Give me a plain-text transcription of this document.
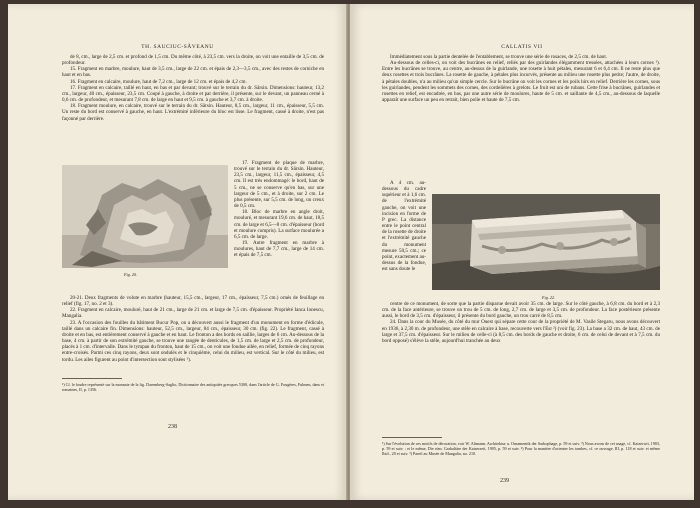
TH. SAUCIUC-SĂVEANU

de 8, cm., large de 2,5 cm. et profond de 1,5 cm. Du même côté, à 23,5 cm. vers la droite, on voit une entaille de 3,5 cm. de profondeur.

15. Fragment en marbre, moulure, haut de 3,5 cm., large de 22 cm. et épais de 2,3—3,5 cm., avec des restes de corniche en haut et en bas.

16. Fragment en calcaire, moulure, haut de 7,2 cm., large de 12 cm. et épais de 4,2 cm.

17. Fragment en calcaire, taillé en haut, en bas et par devant; trouvé sur le terrain du dr. Sârsin. Dimensions: hauteur, 13,2 cm., largeur, 40 cm., épaisseur, 23,5 cm. Coupé à gauche, à droite et par derrière, il présente, sur le devant, un panneau cerné à 0,6 cm. de profondeur, et mesurant 7,8 cm. de large en haut et 9,5 cm. à gauche et 3,7 cm. à droite.

18. Fragment moulure, en calcaire, trouvé sur le terrain du dr. Sârsin. Hauteur, 8,5 cm., largeur, 11 cm., épaisseur, 5,5 cm. Un reste du bord est conservé à gauche, en haut. L'extrémité inférieure du bloc est lisse. Le fragment, cassé à droite, n'est pas façonné par derrière.

Fig. 20.

17. Fragment de plaque de marbre, trouvé sur le terrain du dr. Sârsin. Hauteur, 23,5 cm., largeur, 11,5 cm., épaisseur, 4,5 cm. Il est très endommagé: le bord, haut de 5 cm., ne se conserve qu'en bas, sur une largeur de 5 cm., et à droite, sur 2 cm. Le plus présente, sur 5,5 cm. de long, un creux de 0,5 cm.

18. Bloc de marbre en angle droit, mouluré, et mesurant 19,6 cm. de haut, 18,5 cm. de large et 6,5—8 cm. d'épaisseur (bord et moulure compris). La surface moulurée a 6,5 cm. de large.

19. Autre fragment en marbre à moulures, haut de 7,7 cm., large de 14 cm. et épais de 7,5 cm.

20-21. Deux fragments de volute en marbre (hauteur, 15,5 cm., largeur, 17 cm., épaisseur, 7,5 cm.) ornés de feuillage en relief (fig. 17, no. 2 et 3).

22. Fragment en calcaire, mouluré, haut de 21 cm., large de 21 cm. et large de 7,5 cm. d'épaisseur. Propriété Ianca Ionescu, Mangalia.

23. A l'occasion des fouilles du bâtiment Bucur Pop, on a découvert aussi le fragment d'un monument en forme d'édicule, taillé dans un calcaire fin. Dimensions: hauteur, 52,5 cm., largeur, 84 cm., épaisseur, 30 cm. (fig. 22). Le fragment, cassé à droite et en bas, est entièrement conservé à gauche et en haut. Le fronton a des bords en saillie, larges de 6 cm. Au-dessous de la base, 4 cm. à partir de son extrémité gauche, se trouve une rangée de denticules, de 1,5 cm. de large et 2,5 cm. de profondeur, placés à 1 cm. d'intervalle. Dans le tympan du fronton, haut de 15 cm., on voit une fondue ailée, en relief, formée de cinq rayons entre-croisés. Parmi ces cinq rayons, deux sont ondulés et le cinquième, celui du milieu, est vertical. Sur le côté du milieu, est tordu. Les ailes figurent au point d'intersection sont stylisées ¹).

¹) Cf. le foudre représenté sur la monnaie de la fig. Daremberg-Saglio, Dictionnaire des antiquités grecques 5300, dans l'article de G. Fougères, Fulmen, dans et romaines, II, p. 1356.
238
CALLATIS VII

Immédiatement sous la partie dentelée de l'entablement, se trouve une série de rosaces, de 2,5 cm. de haut.

Au-dessous de celles-ci, on voit des bucrânes en relief, reliés par des guirlandes élégamment tressées, attachées à leurs cornes ¹). Entre les bucrânes se trouve, au centre, au-dessus de la guirlande, une rosette à huit pétales, mesurant 6 et 6,4 cm. Il ne reste plus que deux rosettes et trois bucrânes. La rosette de gauche, à pétales plus incurvés, présente au milieu une rosette plus petite; l'autre, de droite, à pétales doubles, n'a au milieu qu'un simple cercle. Sur le bucrâne on voit les cornes et les poils hirs en relief. Derrière les cornes, sous les guirlandes, pendent les sommets des cornes, des cordelières à grelots. Le fruit est uni de rubans. Cette frise à bucrânes, guirlandes et rosettes en relief, est encadrée, en bas, par une autre série de moulures, haute de 5 cm. et saillante de 4,5 cm., au-dessous de laquelle apparaît une surface un peu en retrait, bien polie et haute de 7,5 cm.

A 4 cm. au-dessous du cadre supérieur et à 1,6 cm. de l'extrémité gauche, on voit une incision en forme de P grec. La distance entre le point central de la rosette de droite et l'extrémité gauche du monument mesure 50,5 cm.; ce point, exactement au-dessus de la fondue, est sans doute le

Fig. 22.

centre de ce monument, de sorte que la partie disparue devait avoir 35 cm. de large. Sur le côté gauche, à 6,8 cm. du bord et à 2,3 cm. de la face antérieure, se trouve un trou de 5 cm. de long, 2,7 cm. de large et 3,5 cm. de profondeur. La face postérieure présente aussi, le bord de 3,5 cm. d'épaisseur, il présente du bord gauche, un trou carré de 8,5 cm.

24. Dans la cour du Musée, du côté du mur Ouest qui sépare cette cour de la propriété de M. Vasile Stegaru, nous avons découvert en 1936, à 2,30 m. de profondeur, une stèle en calcaire à base, recouverte vers l'Est ²) (voir fig. 23). La base a 32 cm. de haut, 43 cm. de large et 37,5 cm. d'épaisseur. Sur le milieu de celle-ci (à 8,5 cm. des bords de gauche et droite, 6 cm. de celui de devant et à 7,5 cm. du bord opposé) s'élève la stèle, aujourd'hui tranchée au deux

¹) Sur l'évolution de ces motifs de décoration, voir W. Altmann, Architektur u. Ornamentik der Sarkophage, p. 59 et suiv. ²) Nous avons de cet usage, cf. Kaizerwit, 1903, p. 59 et suiv. ; et le même, Die röm. Grabaltäre der Kaiserzeit, 1905, p. 59 et suiv. ²) Pour la manière d'orienter les tombes, cf. ce ouvrage, III, p. 118 et suiv. et même Ibid., 20 et suiv. ³) Pareil au Musée de Mangalia, no. 210.
239
